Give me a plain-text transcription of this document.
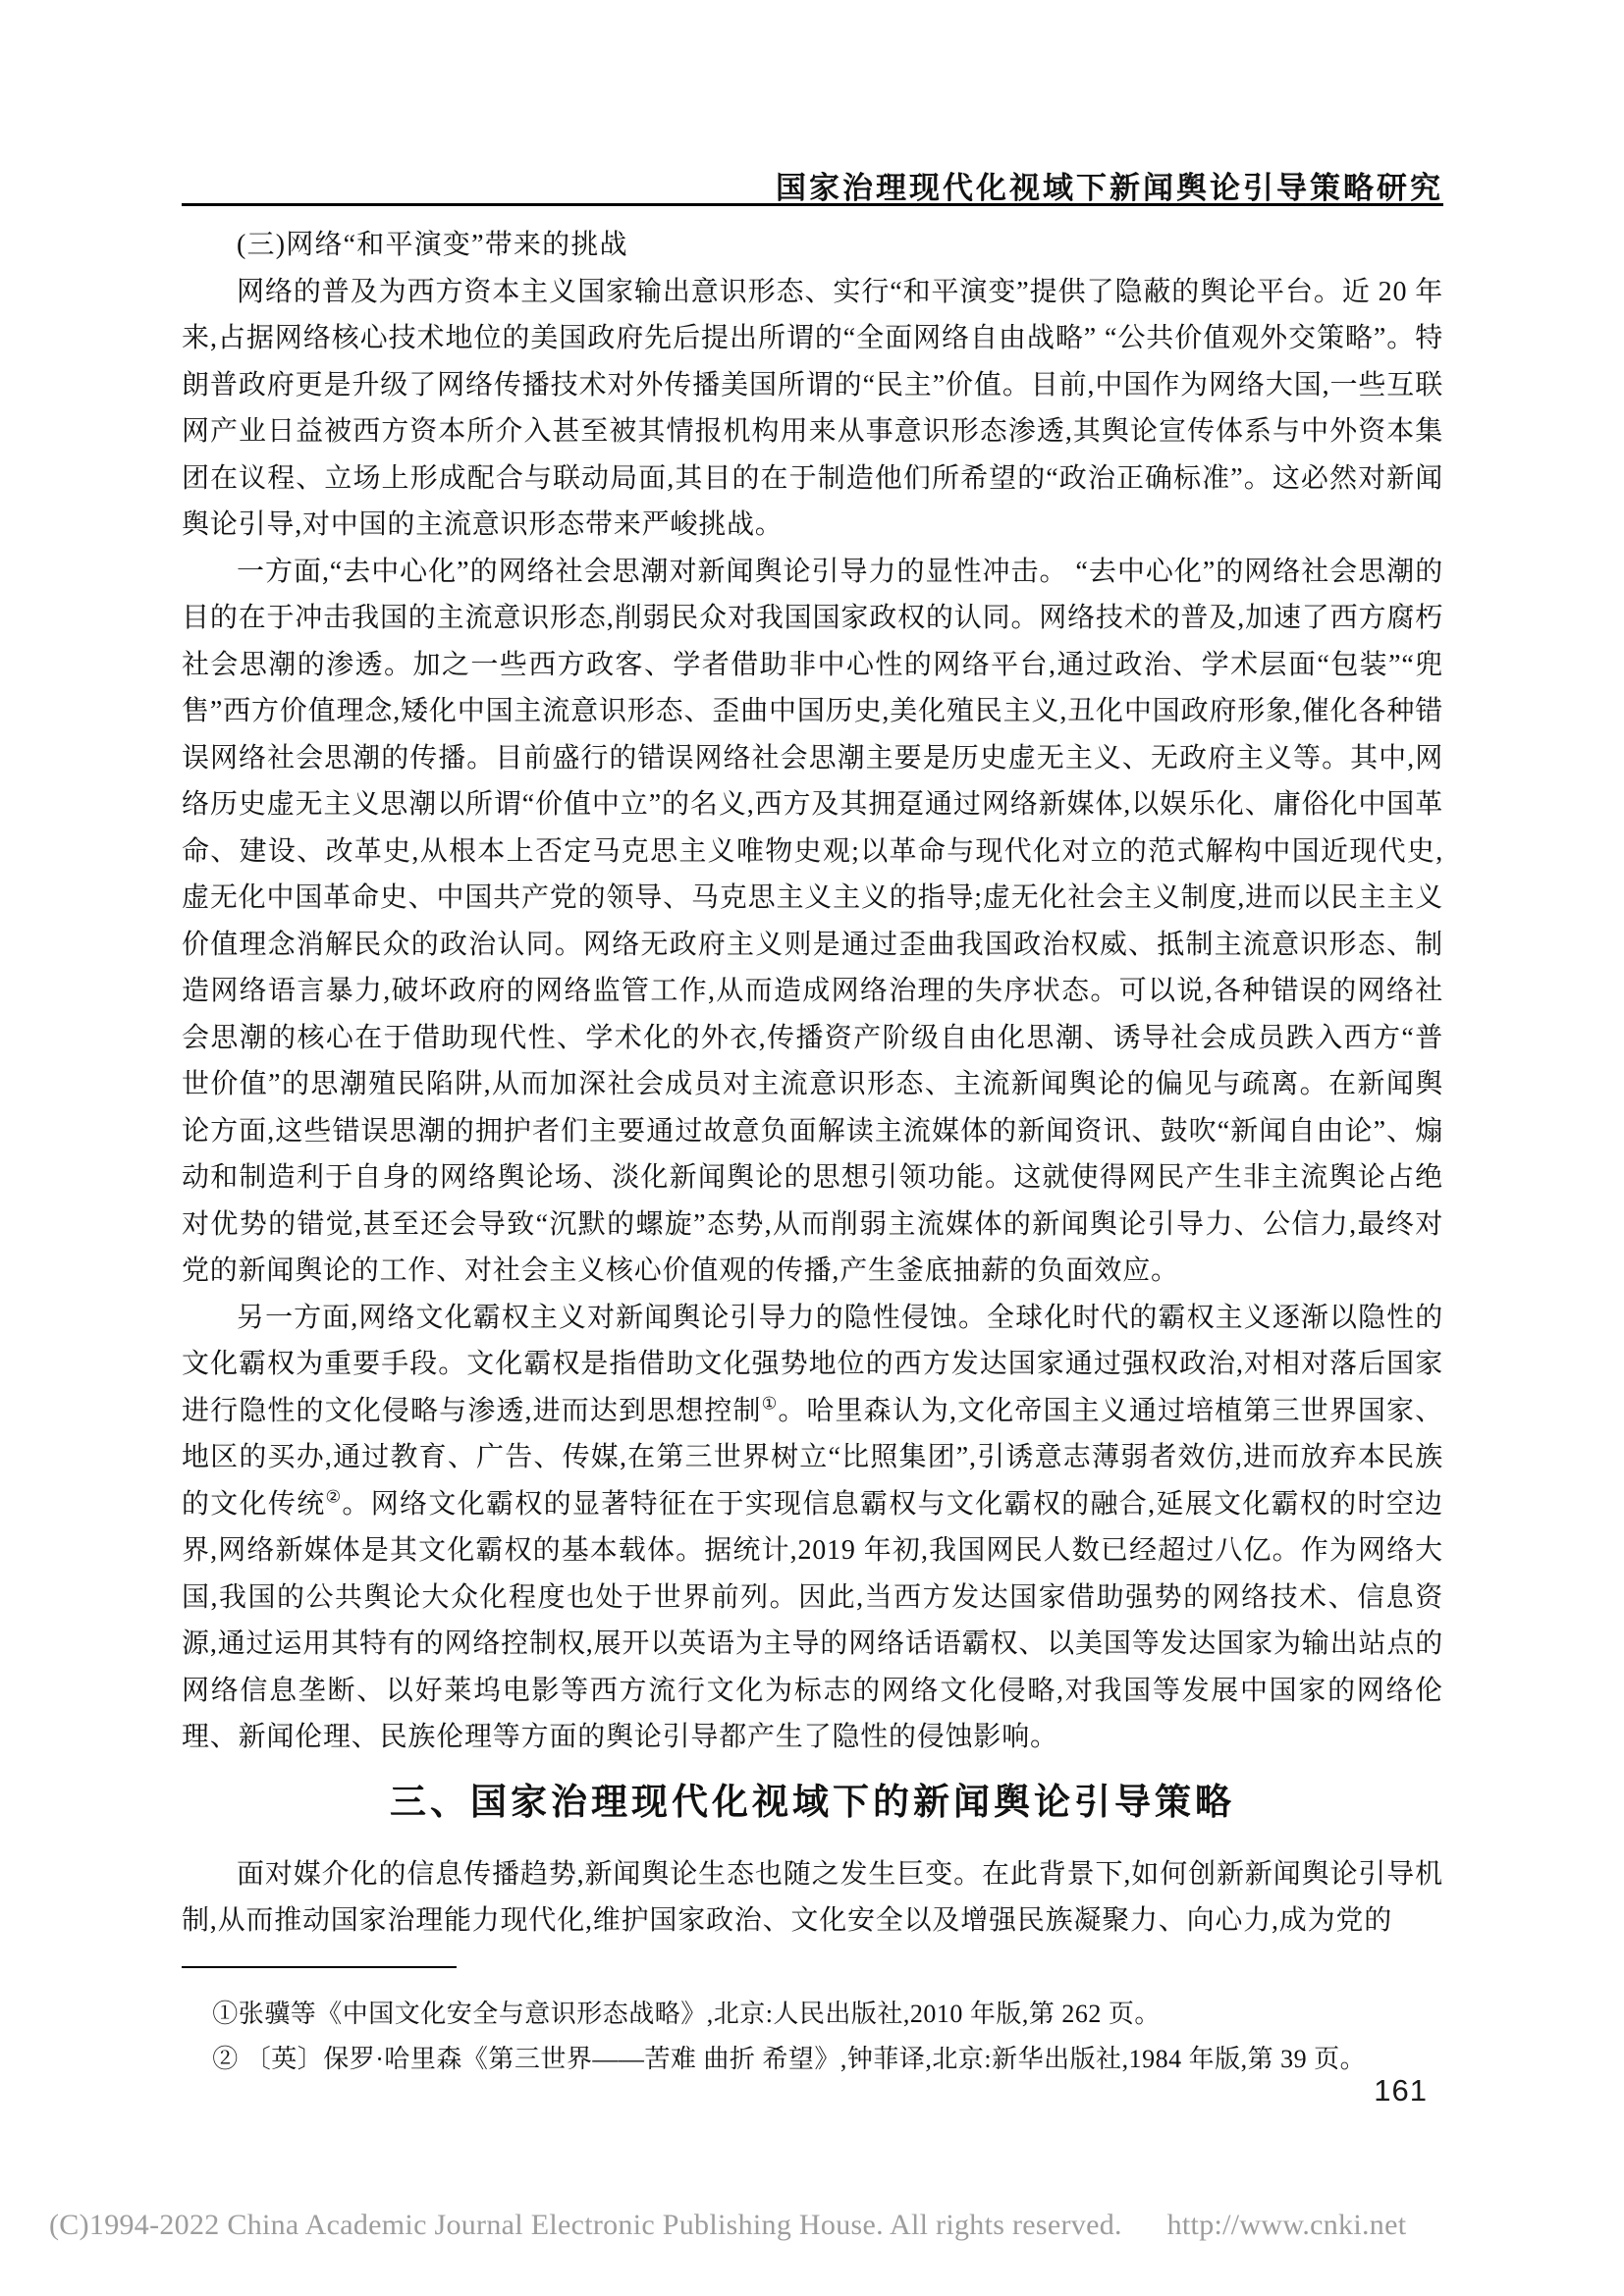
国家治理现代化视域下新闻舆论引导策略研究

(三)网络“和平演变”带来的挑战

网络的普及为西方资本主义国家输出意识形态、实行“和平演变”提供了隐蔽的舆论平台。近 20 年来,占据网络核心技术地位的美国政府先后提出所谓的“全面网络自由战略” “公共价值观外交策略”。特朗普政府更是升级了网络传播技术对外传播美国所谓的“民主”价值。目前,中国作为网络大国,一些互联网产业日益被西方资本所介入甚至被其情报机构用来从事意识形态渗透,其舆论宣传体系与中外资本集团在议程、立场上形成配合与联动局面,其目的在于制造他们所希望的“政治正确标准”。这必然对新闻舆论引导,对中国的主流意识形态带来严峻挑战。

一方面,“去中心化”的网络社会思潮对新闻舆论引导力的显性冲击。 “去中心化”的网络社会思潮的目的在于冲击我国的主流意识形态,削弱民众对我国国家政权的认同。网络技术的普及,加速了西方腐朽社会思潮的渗透。加之一些西方政客、学者借助非中心性的网络平台,通过政治、学术层面“包装”“兜售”西方价值理念,矮化中国主流意识形态、歪曲中国历史,美化殖民主义,丑化中国政府形象,催化各种错误网络社会思潮的传播。目前盛行的错误网络社会思潮主要是历史虚无主义、无政府主义等。其中,网络历史虚无主义思潮以所谓“价值中立”的名义,西方及其拥趸通过网络新媒体,以娱乐化、庸俗化中国革命、建设、改革史,从根本上否定马克思主义唯物史观;以革命与现代化对立的范式解构中国近现代史,虚无化中国革命史、中国共产党的领导、马克思主义主义的指导;虚无化社会主义制度,进而以民主主义价值理念消解民众的政治认同。网络无政府主义则是通过歪曲我国政治权威、抵制主流意识形态、制造网络语言暴力,破坏政府的网络监管工作,从而造成网络治理的失序状态。可以说,各种错误的网络社会思潮的核心在于借助现代性、学术化的外衣,传播资产阶级自由化思潮、诱导社会成员跌入西方“普世价值”的思潮殖民陷阱,从而加深社会成员对主流意识形态、主流新闻舆论的偏见与疏离。在新闻舆论方面,这些错误思潮的拥护者们主要通过故意负面解读主流媒体的新闻资讯、鼓吹“新闻自由论”、煽动和制造利于自身的网络舆论场、淡化新闻舆论的思想引领功能。这就使得网民产生非主流舆论占绝对优势的错觉,甚至还会导致“沉默的螺旋”态势,从而削弱主流媒体的新闻舆论引导力、公信力,最终对党的新闻舆论的工作、对社会主义核心价值观的传播,产生釜底抽薪的负面效应。

另一方面,网络文化霸权主义对新闻舆论引导力的隐性侵蚀。全球化时代的霸权主义逐渐以隐性的文化霸权为重要手段。文化霸权是指借助文化强势地位的西方发达国家通过强权政治,对相对落后国家进行隐性的文化侵略与渗透,进而达到思想控制①。哈里森认为,文化帝国主义通过培植第三世界国家、地区的买办,通过教育、广告、传媒,在第三世界树立“比照集团”,引诱意志薄弱者效仿,进而放弃本民族的文化传统②。网络文化霸权的显著特征在于实现信息霸权与文化霸权的融合,延展文化霸权的时空边界,网络新媒体是其文化霸权的基本载体。据统计,2019 年初,我国网民人数已经超过八亿。作为网络大国,我国的公共舆论大众化程度也处于世界前列。因此,当西方发达国家借助强势的网络技术、信息资源,通过运用其特有的网络控制权,展开以英语为主导的网络话语霸权、以美国等发达国家为输出站点的网络信息垄断、以好莱坞电影等西方流行文化为标志的网络文化侵略,对我国等发展中国家的网络伦理、新闻伦理、民族伦理等方面的舆论引导都产生了隐性的侵蚀影响。

三、国家治理现代化视域下的新闻舆论引导策略

面对媒介化的信息传播趋势,新闻舆论生态也随之发生巨变。在此背景下,如何创新新闻舆论引导机制,从而推动国家治理能力现代化,维护国家政治、文化安全以及增强民族凝聚力、向心力,成为党的

①张骥等《中国文化安全与意识形态战略》,北京:人民出版社,2010 年版,第 262 页。

② 〔英〕保罗·哈里森《第三世界——苦难 曲折 希望》,钟菲译,北京:新华出版社,1984 年版,第 39 页。

161
(C)1994-2022 China Academic Journal Electronic Publishing House. All rights reserved. http://www.cnki.net
